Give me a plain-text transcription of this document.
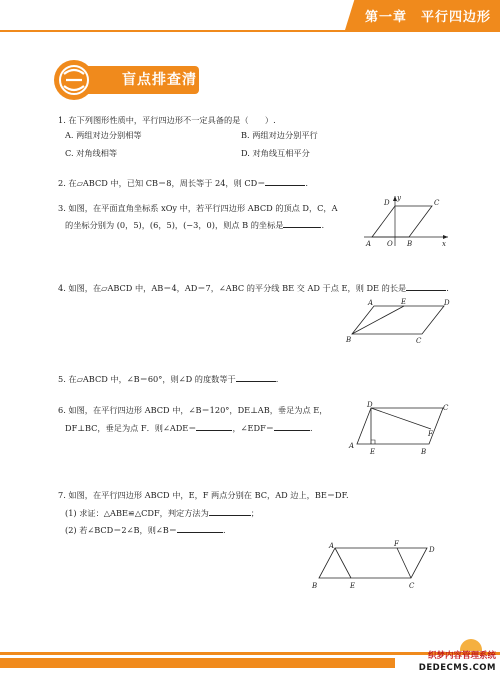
第一章　平行四边形
盲点排查清
1. 在下列图形性质中，平行四边形不一定具备的是（　　）.
A. 两组对边分别相等	B. 两组对边分别平行
C. 对角线相等	D. 对角线互相平分
2. 在▱ABCD 中，已知 CB＝8，周长等于 24，则 CD＝	.
3. 如图，在平面直角坐标系 xOy 中，若平行四边形 ABCD 的顶点 D，C，A
的坐标分别为 (0，5)，(6，5)，(−3，0)，则点 B 的坐标是	.
D
y
C
A O B	x
4. 如图，在▱ABCD 中，AB＝4，AD＝7，∠ABC 的平分线 BE 交 AD 于点 E，则 DE 的长是	.
A	E	D
B	C
5. 在▱ABCD 中，∠B＝60°，则∠D 的度数等于	.
6. 如图，在平行四边形 ABCD 中，∠B＝120°，DE⊥AB，垂足为点 E，
DF⊥BC，垂足为点 F．则∠ADE＝	，∠EDF＝	.
D	C
F
A
E	B
7. 如图，在平行四边形 ABCD 中，E，F 两点分别在 BC，AD 边上，BE＝DF.
(1) 求证：△ABE≌△CDF，判定方法为	；
(2) 若∠BCD＝2∠B，则∠B＝	.
A	F
D
B	E	C
织梦内容管理系统
DEDECMS.COM
